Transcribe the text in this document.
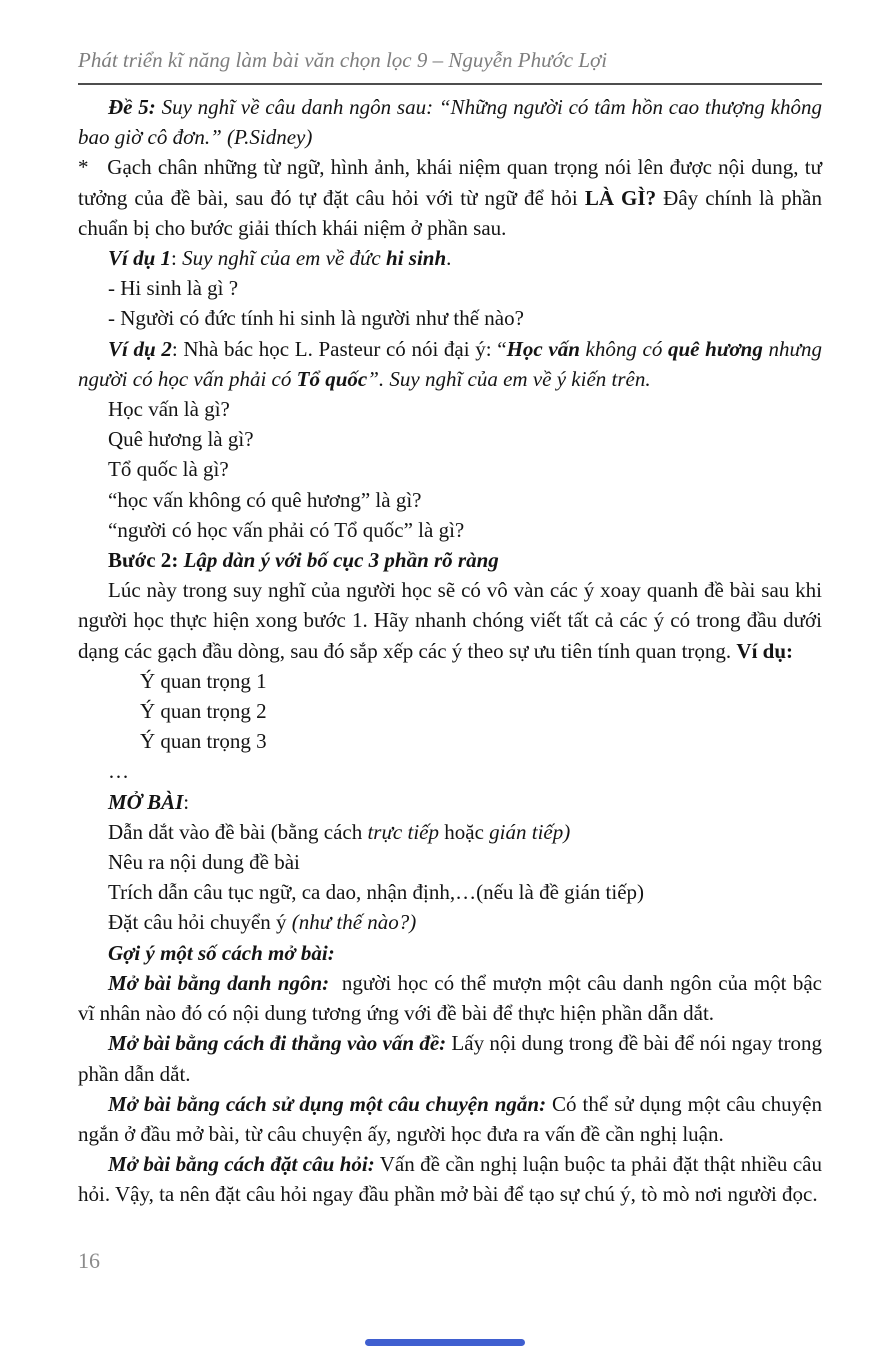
Phát triển kĩ năng làm bài văn chọn lọc 9 – Nguyễn Phước Lợi

Đề 5: Suy nghĩ về câu danh ngôn sau: “Những người có tâm hồn cao thượng không bao giờ cô đơn.” (P.Sidney)

*   Gạch chân những từ ngữ, hình ảnh, khái niệm quan trọng nói lên được nội dung, tư tưởng của đề bài, sau đó tự đặt câu hỏi với từ ngữ để hỏi LÀ GÌ? Đây chính là phần chuẩn bị cho bước giải thích khái niệm ở phần sau.

Ví dụ 1: Suy nghĩ của em về đức hi sinh.

- Hi sinh là gì ?

- Người có đức tính hi sinh là người như thế nào?

Ví dụ 2: Nhà bác học L. Pasteur có nói đại ý: “Học vấn không có quê hương nhưng người có học vấn phải có Tổ quốc”. Suy nghĩ của em về ý kiến trên.

Học vấn là gì?

Quê hương là gì?

Tổ quốc là gì?

“học vấn không có quê hương” là gì?

“người có học vấn phải có Tổ quốc” là gì?

Bước 2: Lập dàn ý với bố cục 3 phần rõ ràng

Lúc này trong suy nghĩ của người học sẽ có vô vàn các ý xoay quanh đề bài sau khi người học thực hiện xong bước 1. Hãy nhanh chóng viết tất cả các ý có trong đầu dưới dạng các gạch đầu dòng, sau đó sắp xếp các ý theo sự ưu tiên tính quan trọng. Ví dụ:

Ý quan trọng 1

Ý quan trọng 2

Ý quan trọng 3

…

MỞ BÀI:

Dẫn dắt vào đề bài (bằng cách trực tiếp hoặc gián tiếp)

Nêu ra nội dung đề bài

Trích dẫn câu tục ngữ, ca dao, nhận định,…(nếu là đề gián tiếp)

Đặt câu hỏi chuyển ý (như thế nào?)

Gợi ý một số cách mở bài:

Mở bài bằng danh ngôn:  người học có thể mượn một câu danh ngôn của một bậc vĩ nhân nào đó có nội dung tương ứng với đề bài để thực hiện phần dẫn dắt.

Mở bài bằng cách đi thẳng vào vấn đề: Lấy nội dung trong đề bài để nói ngay trong phần dẫn dắt.

Mở bài bằng cách sử dụng một câu chuyện ngắn: Có thể sử dụng một câu chuyện ngắn ở đầu mở bài, từ câu chuyện ấy, người học đưa ra vấn đề cần nghị luận.

Mở bài bằng cách đặt câu hỏi: Vấn đề cần nghị luận buộc ta phải đặt thật nhiều câu hỏi. Vậy, ta nên đặt câu hỏi ngay đầu phần mở bài để tạo sự chú ý, tò mò nơi người đọc.

16
